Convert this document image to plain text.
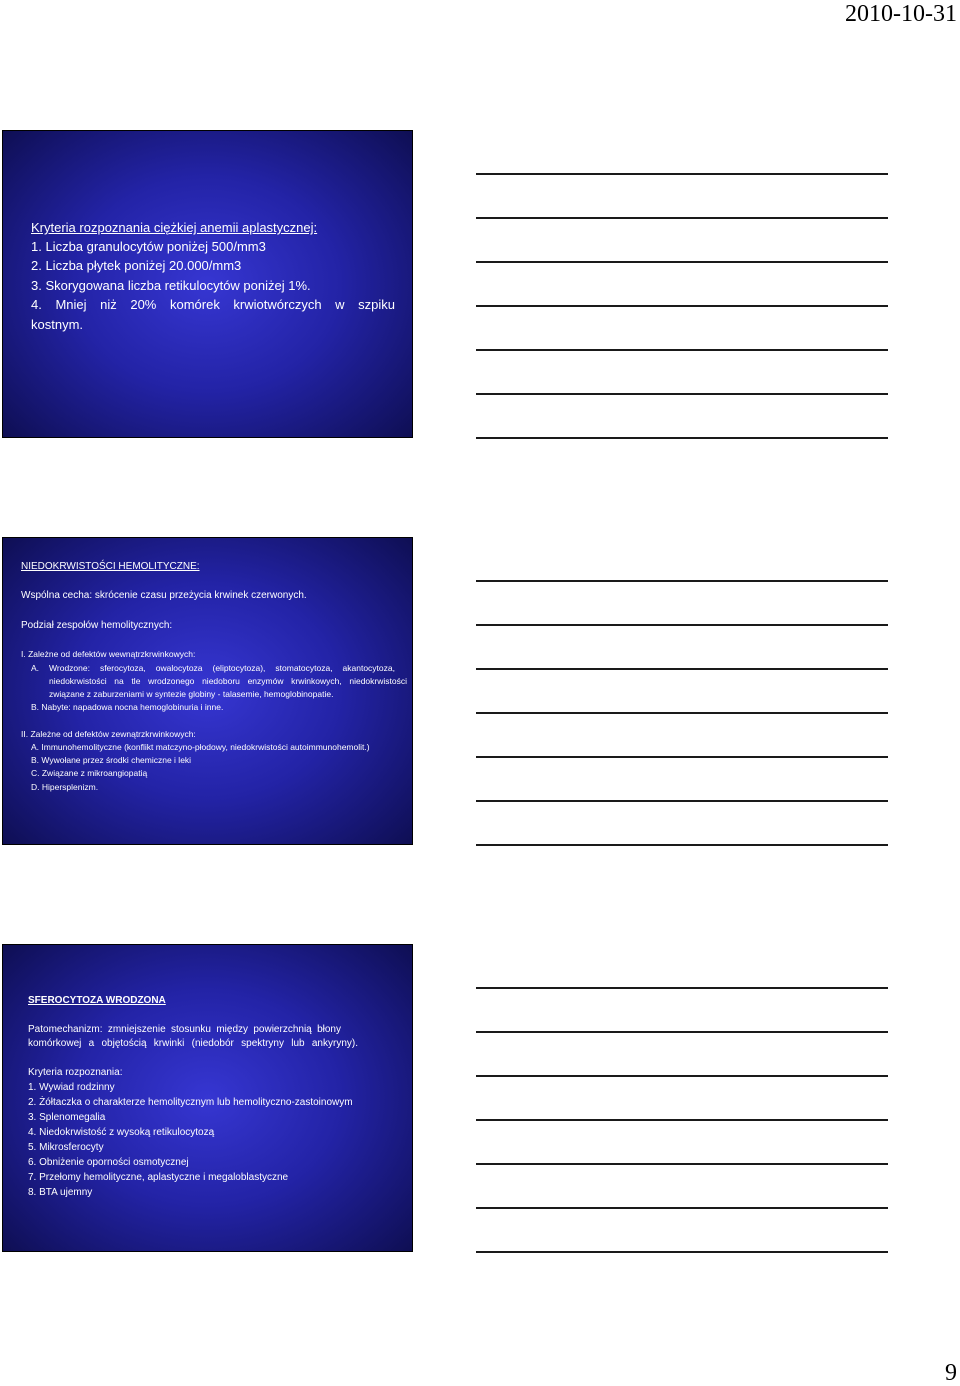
2010-10-31
Kryteria rozpoznania ciężkiej anemii aplastycznej:
1. Liczba granulocytów poniżej 500/mm3
2. Liczba płytek poniżej 20.000/mm3
3. Skorygowana liczba retikulocytów poniżej 1%.
4. Mniej niż 20% komórek krwiotwórczych w szpiku
kostnym.
NIEDOKRWISTOŚCI HEMOLITYCZNE:
Wspólna cecha: skrócenie czasu przeżycia krwinek czerwonych.
Podział zespołów hemolitycznych:
I. Zależne od defektów wewnątrzkrwinkowych:
A. Wrodzone: sferocytoza, owalocytoza (eliptocytoza), stomatocytoza, akantocytoza,
niedokrwistości na tle wrodzonego niedoboru enzymów krwinkowych, niedokrwistości
związane z zaburzeniami w syntezie globiny - talasemie, hemoglobinopatie.
B. Nabyte: napadowa nocna hemoglobinuria i inne.
II. Zależne od defektów zewnątrzkrwinkowych:
A. Immunohemolityczne (konflikt matczyno-płodowy, niedokrwistości autoimmunohemolit.)
B. Wywołane przez środki chemiczne i leki
C. Związane z mikroangiopatią
D. Hipersplenizm.
SFEROCYTOZA WRODZONA
Patomechanizm: zmniejszenie stosunku między powierzchnią błony
komórkowej a objętością krwinki (niedobór spektryny lub ankyryny).
Kryteria rozpoznania:
1. Wywiad rodzinny
2. Żółtaczka o charakterze hemolitycznym lub hemolityczno-zastoinowym
3. Splenomegalia
4. Niedokrwistość z wysoką retikulocytozą
5. Mikrosferocyty
6. Obniżenie oporności osmotycznej
7. Przełomy hemolityczne, aplastyczne i megaloblastyczne
8. BTA ujemny
9
